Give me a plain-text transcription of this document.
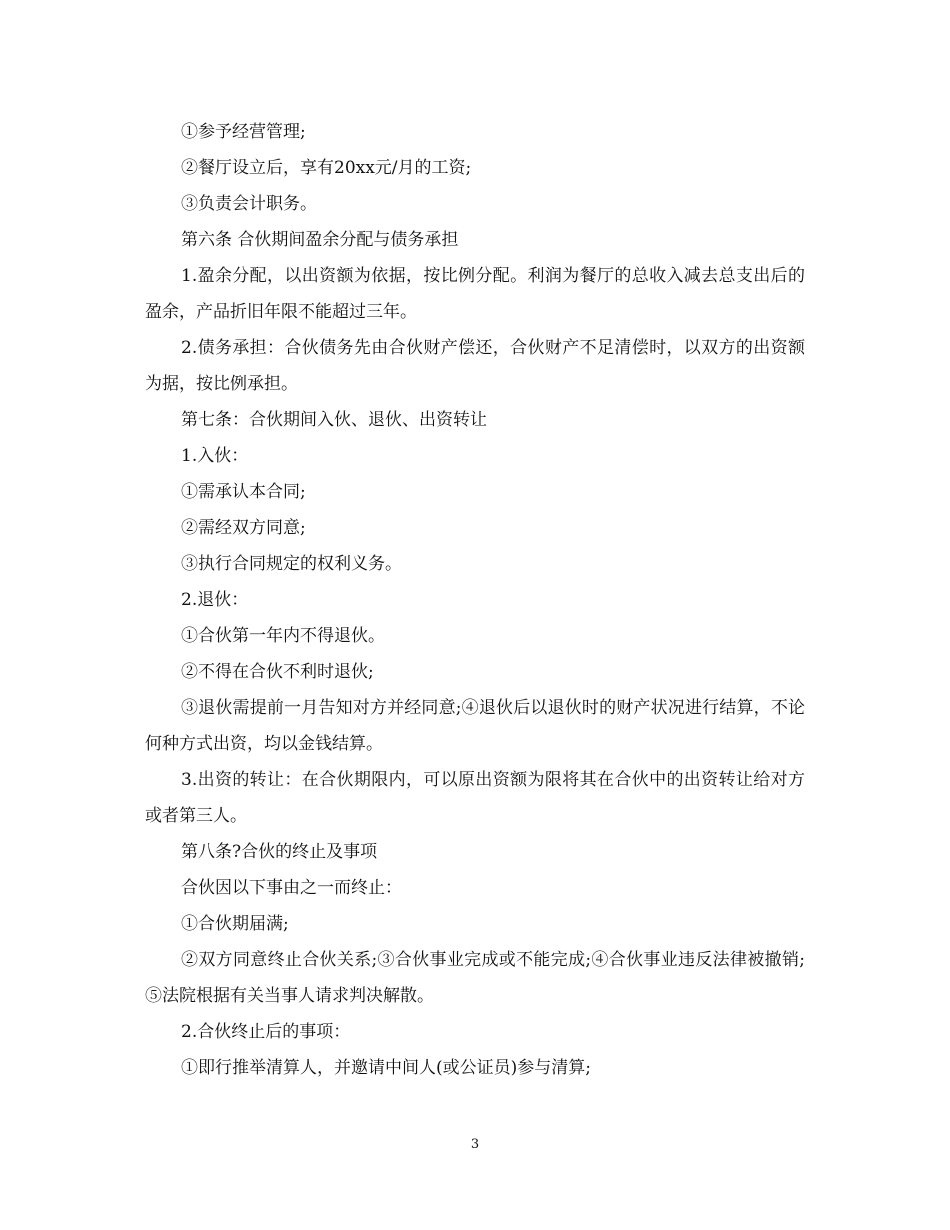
①参予经营管理;

②餐厅设立后，享有20xx元/月的工资;

③负责会计职务。

第六条 合伙期间盈余分配与债务承担

1.盈余分配，以出资额为依据，按比例分配。利润为餐厅的总收入减去总支出后的盈余，产品折旧年限不能超过三年。

2.债务承担：合伙债务先由合伙财产偿还，合伙财产不足清偿时，以双方的出资额为据，按比例承担。

第七条：合伙期间入伙、退伙、出资转让

1.入伙：

①需承认本合同;

②需经双方同意;

③执行合同规定的权利义务。

2.退伙：

①合伙第一年内不得退伙。

②不得在合伙不利时退伙;

③退伙需提前一月告知对方并经同意;④退伙后以退伙时的财产状况进行结算，不论何种方式出资，均以金钱结算。

3.出资的转让：在合伙期限内，可以原出资额为限将其在合伙中的出资转让给对方或者第三人。

第八条?合伙的终止及事项

合伙因以下事由之一而终止：

①合伙期届满;

②双方同意终止合伙关系;③合伙事业完成或不能完成;④合伙事业违反法律被撤销;⑤法院根据有关当事人请求判决解散。

2.合伙终止后的事项：

①即行推举清算人，并邀请中间人(或公证员)参与清算;

3
